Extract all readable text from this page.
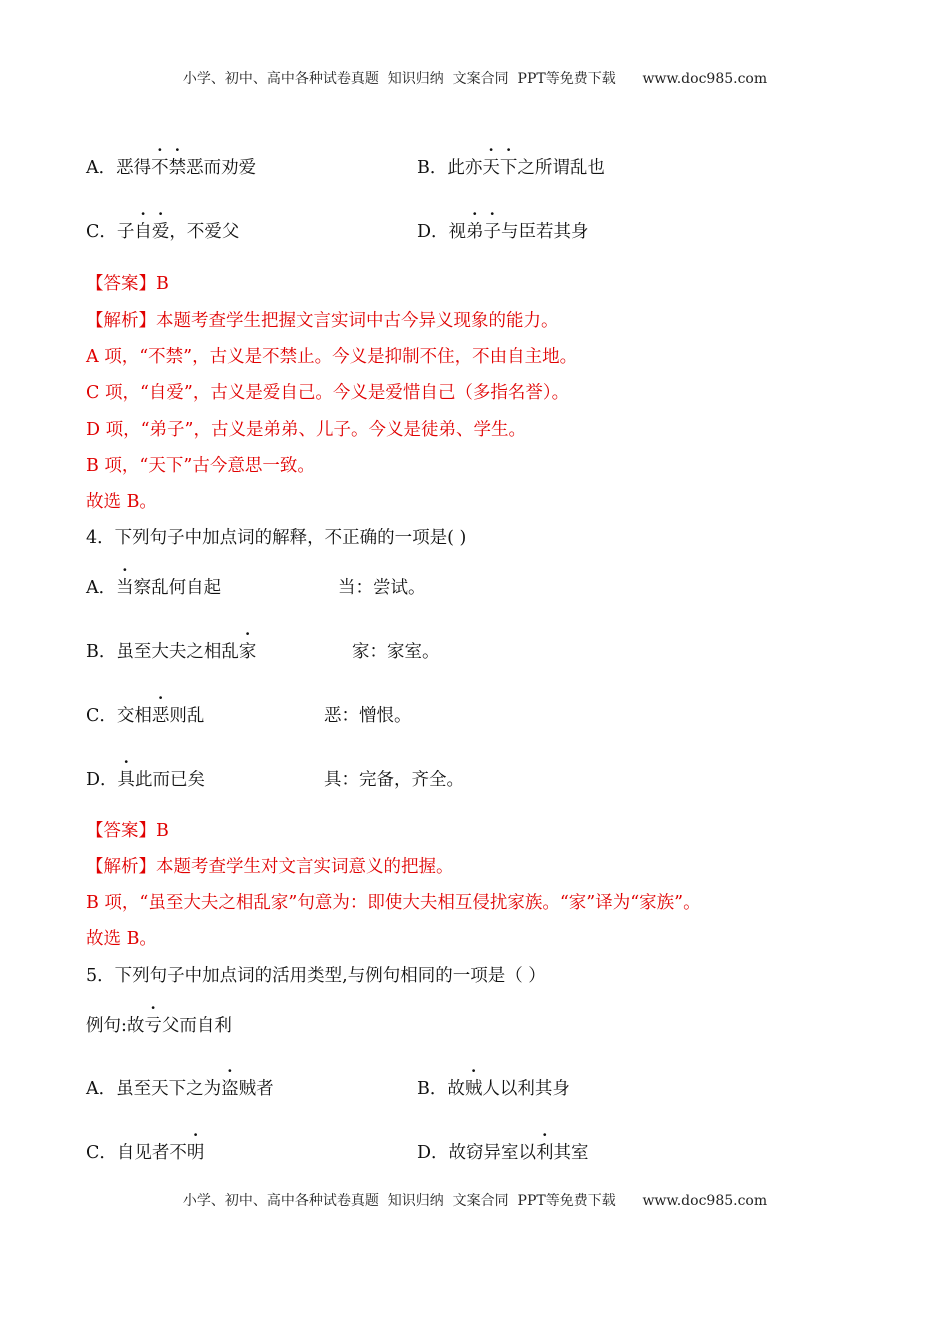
小学、初中、高中各种试卷真题  知识归纳  文案合同  PPT等免费下载      www.doc985.com
A．恶得不禁恶而劝爱	B．此亦天下之所谓乱也
C．子自爱，不爱父	D．视弟子与臣若其身
【答案】B
【解析】本题考查学生把握文言实词中古今异义现象的能力。
A 项，“不禁”，古义是不禁止。今义是抑制不住，不由自主地。
C 项，“自爱”，古义是爱自己。今义是爱惜自己（多指名誉）。
D 项，“弟子”，古义是弟弟、儿子。今义是徒弟、学生。
B 项，“天下”古今意思一致。
故选 B。
4．下列句子中加点词的解释，不正确的一项是( )
A．当察乱何自起	当：尝试。
B．虽至大夫之相乱家	家：家室。
C．交相恶则乱	恶：憎恨。
D．具此而已矣	具：完备，齐全。
【答案】B
【解析】本题考查学生对文言实词意义的把握。
B 项，“虽至大夫之相乱家”句意为：即使大夫相互侵扰家族。“家”译为“家族”。
故选 B。
5．下列句子中加点词的活用类型,与例句相同的一项是（ ）
例句:故亏父而自利
A．虽至天下之为盗贼者	B．故贼人以利其身
C．自见者不明	D．故窃异室以利其室
小学、初中、高中各种试卷真题  知识归纳  文案合同  PPT等免费下载      www.doc985.com
